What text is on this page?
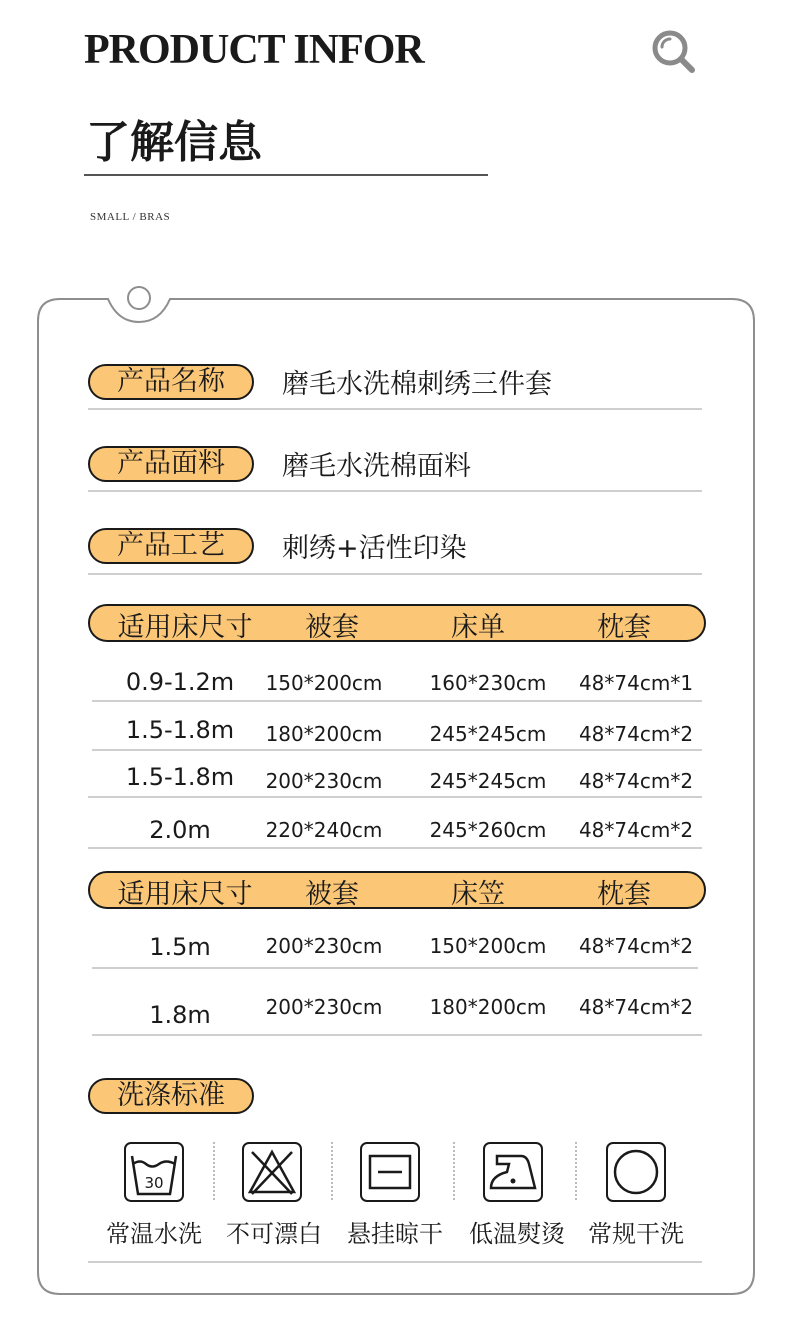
PRODUCT INFOR
了解信息
SMALL / BRAS
产品名称	磨毛水洗棉刺绣三件套
产品面料	磨毛水洗棉面料
产品工艺	刺绣+活性印染
适用床尺寸	被套	床单	枕套
0.9-1.2m	150*200cm	160*230cm	48*74cm*1
1.5-1.8m	180*200cm	245*245cm	48*74cm*2
1.5-1.8m	200*230cm	245*245cm	48*74cm*2
2.0m	220*240cm	245*260cm	48*74cm*2
适用床尺寸	被套	床笠	枕套
1.5m	200*230cm	150*200cm	48*74cm*2
1.8m	200*230cm	180*200cm	48*74cm*2
洗涤标准
30
常温水洗	不可漂白	悬挂晾干	低温熨烫 常规干洗
